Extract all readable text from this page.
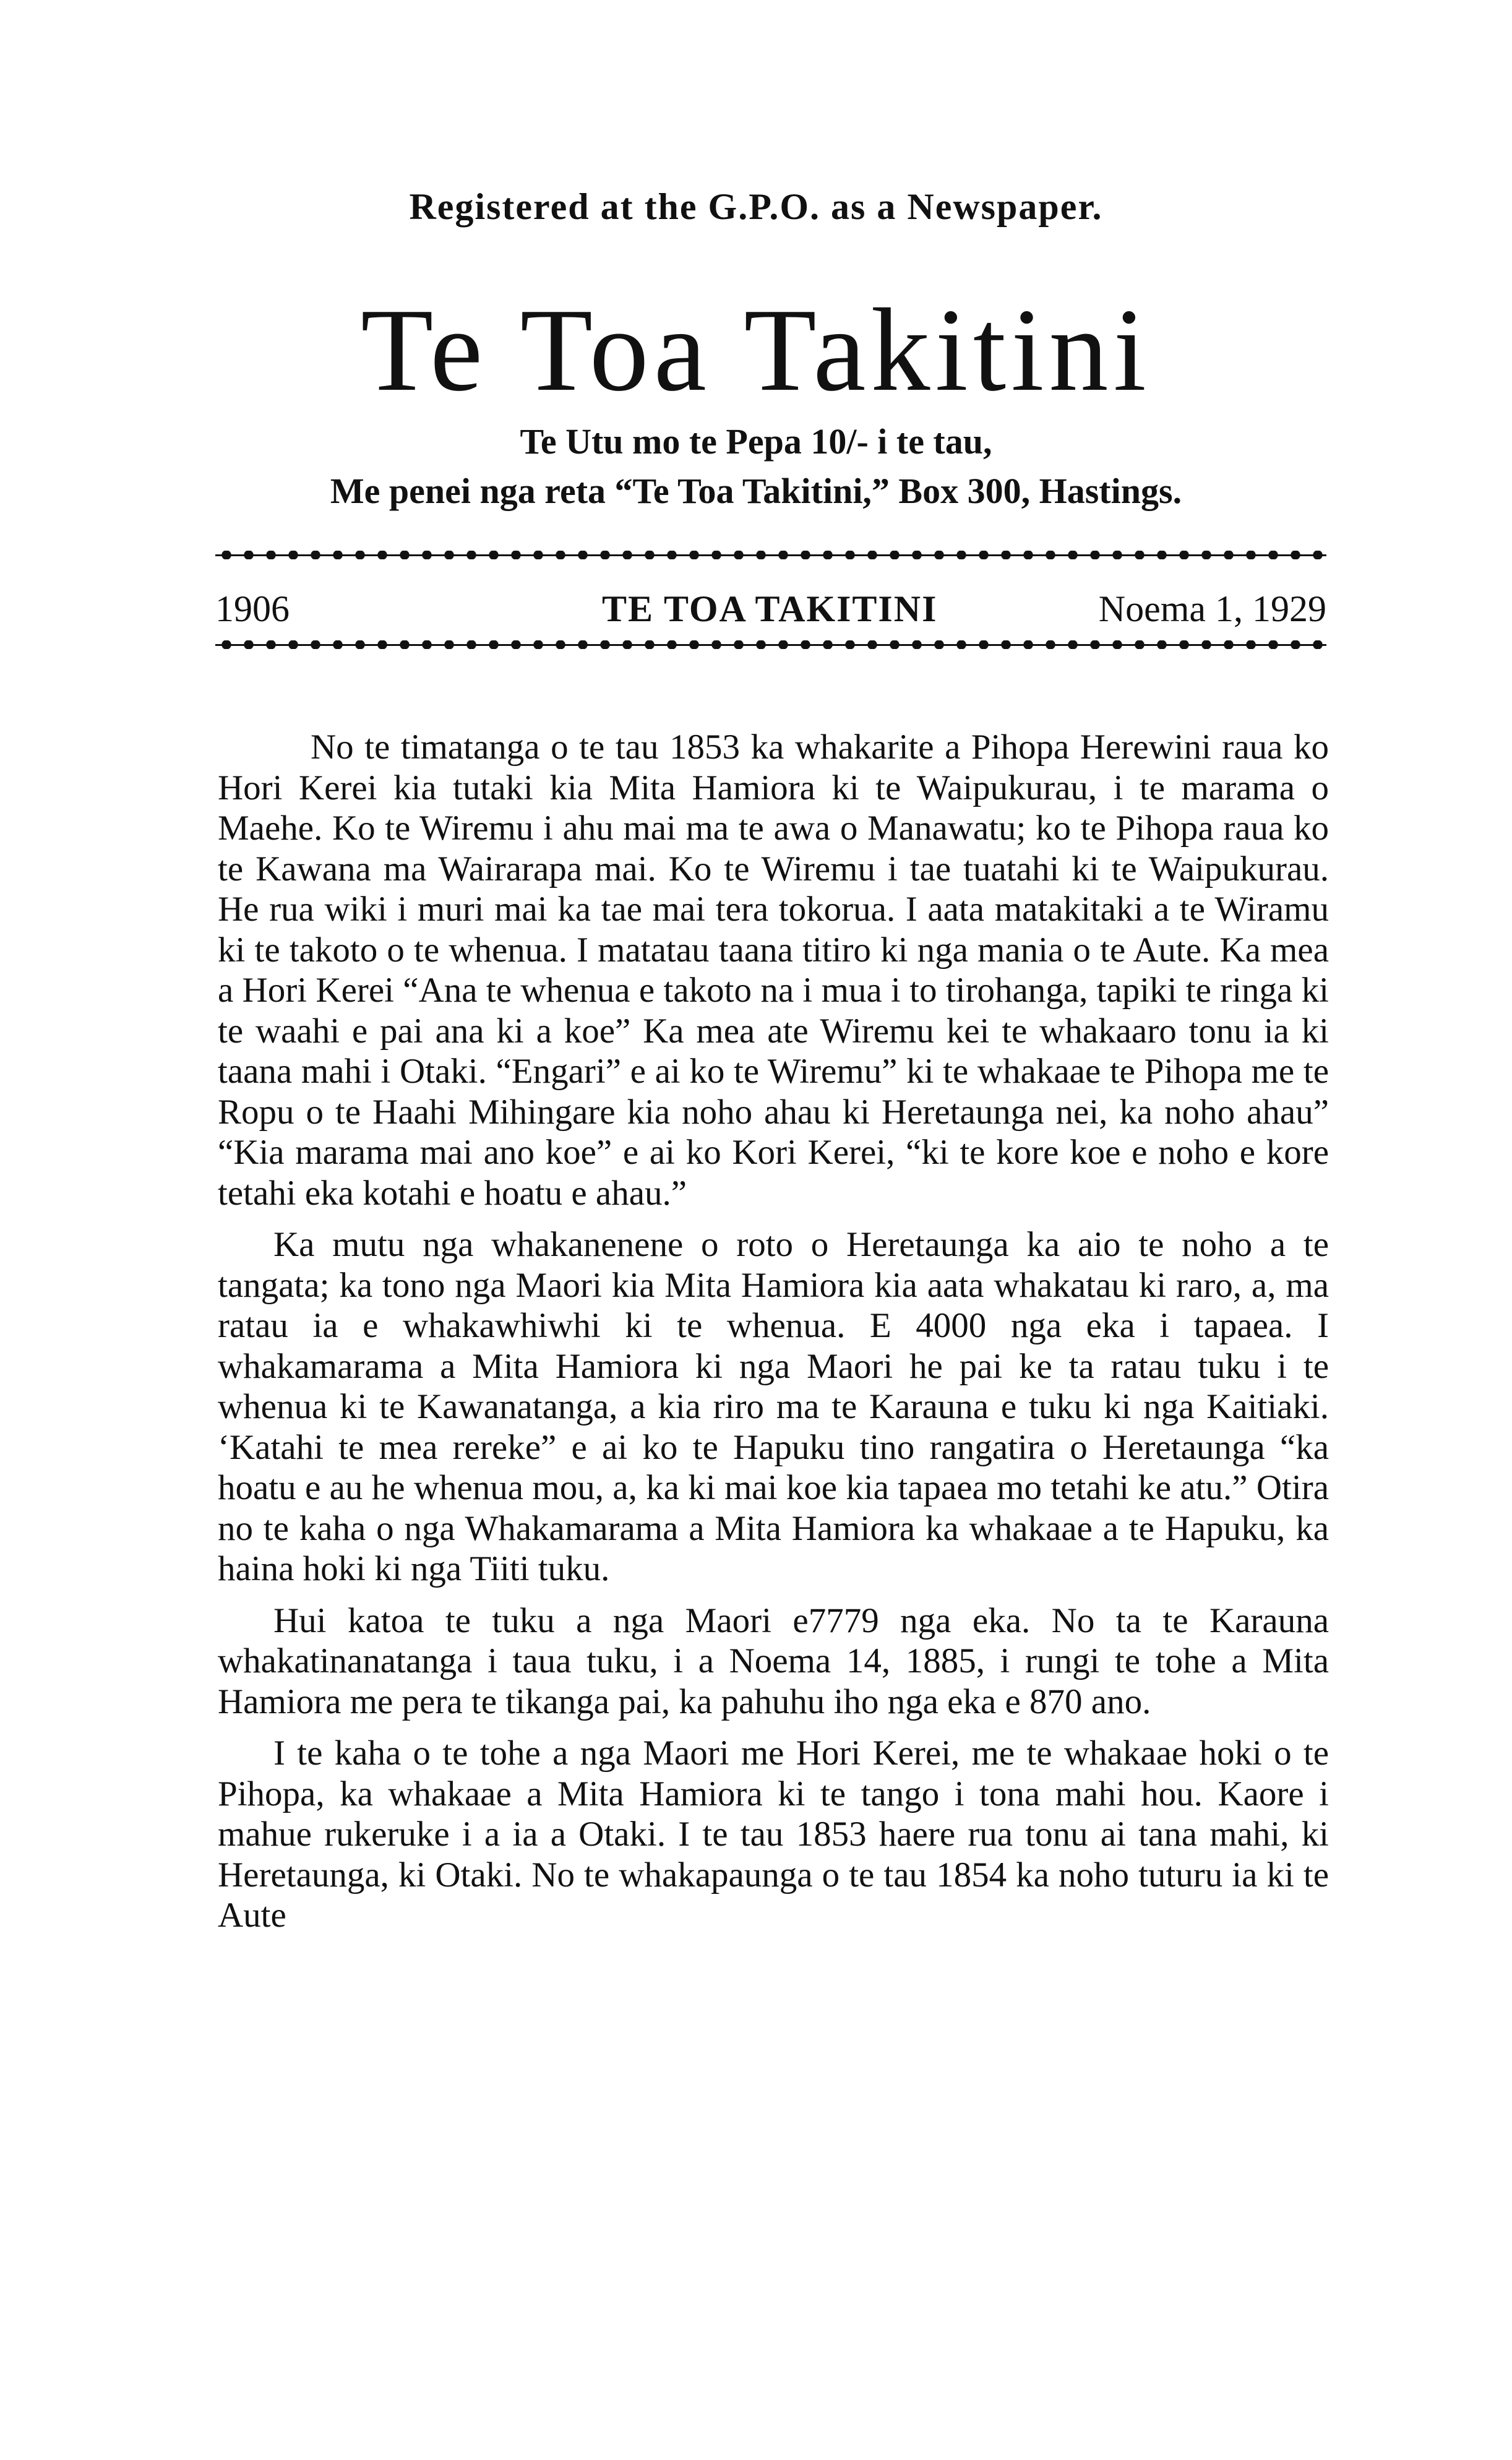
Registered at the G.P.O. as a Newspaper.
Te Toa Takitini
Te Utu mo te Pepa 10/- i te tau,
Me penei nga reta “Te Toa Takitini,” Box 300, Hastings.
1906	TE TOA TAKITINI	Noema 1, 1929

No te timatanga o te tau 1853 ka whakarite a Pihopa Herewini raua ko Hori Kerei kia tutaki kia Mita Hamiora ki te Waipukurau, i te marama o Maehe. Ko te Wiremu i ahu mai ma te awa o Manawatu; ko te Pihopa raua ko te Kawana ma Wairarapa mai. Ko te Wiremu i tae tuatahi ki te Waipukurau. He rua wiki i muri mai ka tae mai tera tokorua. I aata matakitaki a te Wiramu ki te takoto o te whenua. I matatau taana titiro ki nga mania o te Aute. Ka mea a Hori Kerei “Ana te whenua e takoto na i mua i to tirohanga, tapiki te ringa ki te waahi e pai ana ki a koe” Ka mea ate Wiremu kei te whakaaro tonu ia ki taana mahi i Otaki. “Engari” e ai ko te Wiremu” ki te whakaae te Pihopa me te Ropu o te Haahi Mihingare kia noho ahau ki Heretaunga nei, ka noho ahau” “Kia marama mai ano koe” e ai ko Kori Kerei, “ki te kore koe e noho e kore tetahi eka kotahi e hoatu e ahau.”

Ka mutu nga whakanenene o roto o Heretaunga ka aio te noho a te tangata; ka tono nga Maori kia Mita Hamiora kia aata whakatau ki raro, a, ma ratau ia e whakawhiwhi ki te whenua. E 4000 nga eka i tapaea. I whakamarama a Mita Hamiora ki nga Maori he pai ke ta ratau tuku i te whenua ki te Kawanatanga, a kia riro ma te Karauna e tuku ki nga Kaitiaki. ‘Katahi te mea rereke” e ai ko te Hapuku tino rangatira o Heretaunga “ka hoatu e au he whenua mou, a, ka ki mai koe kia tapaea mo tetahi ke atu.” Otira no te kaha o nga Whakamarama a Mita Hamiora ka whakaae a te Hapuku, ka haina hoki ki nga Tiiti tuku.

Hui katoa te tuku a nga Maori e7779 nga eka. No ta te Karauna whakatinanatanga i taua tuku, i a Noema 14, 1885, i rungi te tohe a Mita Hamiora me pera te tikanga pai, ka pahuhu iho nga eka e 870 ano.

I te kaha o te tohe a nga Maori me Hori Kerei, me te whakaae hoki o te Pihopa, ka whakaae a Mita Hamiora ki te tango i tona mahi hou. Kaore i mahue rukeruke i a ia a Otaki. I te tau 1853 haere rua tonu ai tana mahi, ki Heretaunga, ki Otaki. No te whakapaunga o te tau 1854 ka noho tuturu ia ki te Aute
